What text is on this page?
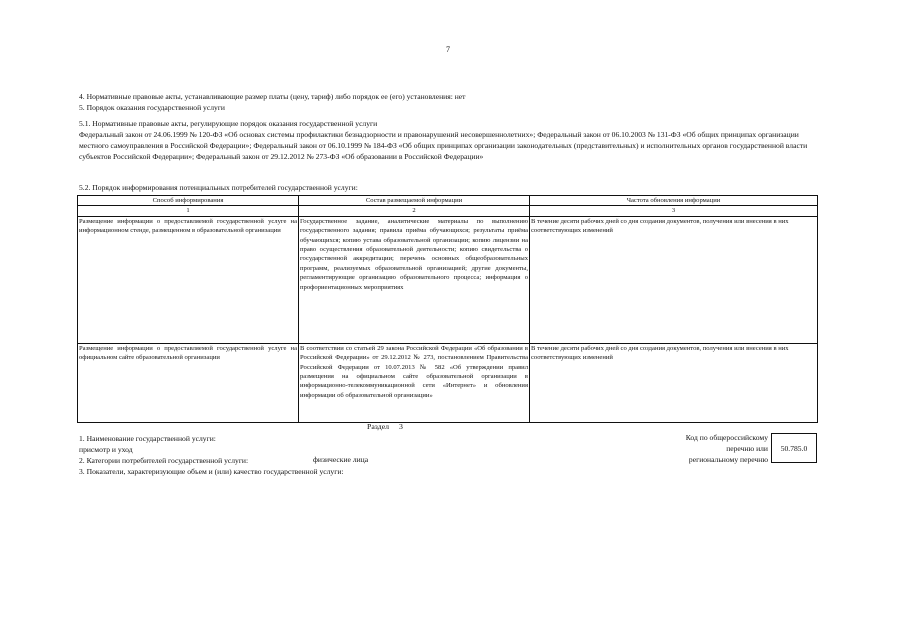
7
4. Нормативные правовые акты, устанавливающие размер платы (цену, тариф) либо порядок ее (его) установления: нет
5. Порядок оказания государственной услуги
5.1. Нормативные правовые акты, регулирующие порядок оказания государственной услуги
Федеральный закон от 24.06.1999 № 120-ФЗ «Об основах системы профилактики безнадзорности и правонарушений несовершеннолетних»; Федеральный закон от 06.10.2003 № 131-ФЗ «Об общих принципах организации местного самоуправления в Российской Федерации»; Федеральный закон от 06.10.1999 № 184-ФЗ «Об общих принципах организации законодательных (представительных) и исполнительных органов государственной власти субъектов Российской Федерации»; Федеральный закон от 29.12.2012 № 273-ФЗ «Об образовании в Российской Федерации»
5.2. Порядок информирования потенциальных потребителей государственной услуги:
Способ информирования	Состав размещаемой информации	Частота обновления информации
1	2	3
Размещение информации о предоставляемой государственной услуге на информационном стенде, размещенном в образовательной организации	Государственное задание, аналитические материалы по выполнению государственного задания; правила приёма обучающихся; результаты приёма обучающихся; копию устава образовательной организации; копию лицензии на право осуществления образовательной деятельности; копию свидетельства о государственной аккредитации; перечень основных общеобразовательных программ, реализуемых образовательной организацией; другие документы, регламентирующие организацию образовательного процесса; информация о профориентационных мероприятиях	В течение десяти рабочих дней со дня создания документов, получения или внесения в них соответствующих изменений
Размещение информации о предоставляемой государственной услуге на официальном сайте образовательной организации	В соответствии со статьей 29 закона Российской Федерации «Об образовании в Российской Федерации» от 29.12.2012 № 273, постановлением Правительства Российской Федерации от 10.07.2013 № 582 «Об утверждении правил размещения на официальном сайте образовательной организации в информационно-телекоммуникационной сети «Интернет» и обновления информации об образовательной организации»	В течение десяти рабочих дней со дня создания документов, получения или внесения в них соответствующих изменений
Раздел 3
1. Наименование государственной услуги:
присмотр и уход
2. Категории потребителей государственной услуги:	физические лица
3. Показатели, характеризующие объем и (или) качество государственной услуги:
Код по общероссийскому
перечню или
региональному перечню
50.785.0
